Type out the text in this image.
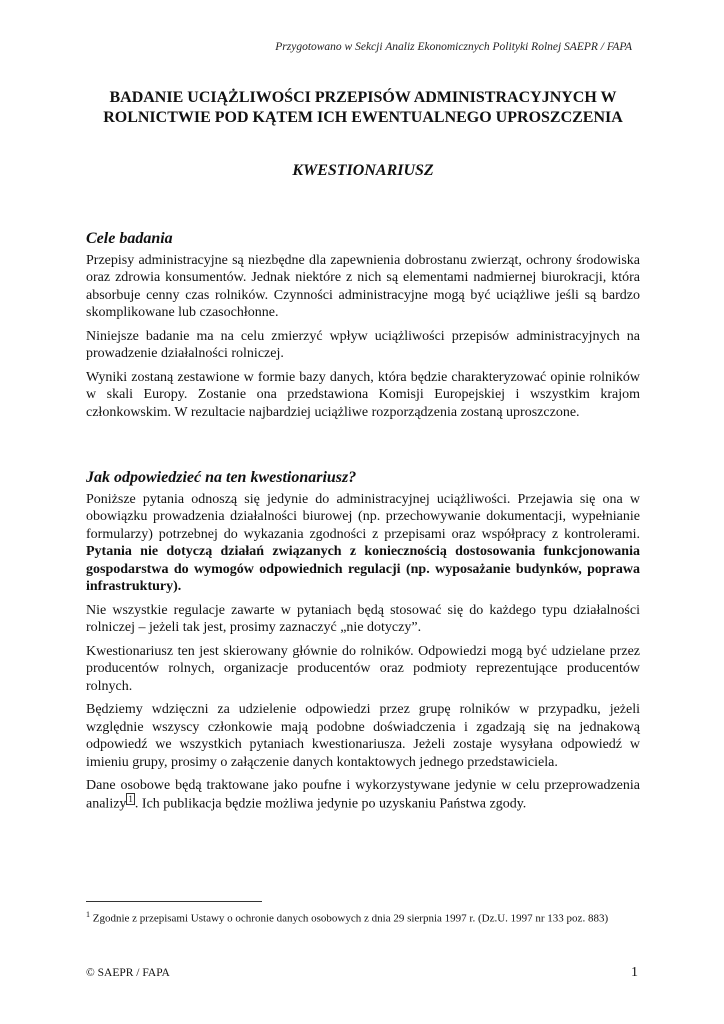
Przygotowano w Sekcji Analiz Ekonomicznych Polityki Rolnej SAEPR / FAPA
BADANIE UCIĄŻLIWOŚCI PRZEPISÓW ADMINISTRACYJNYCH W ROLNICTWIE POD KĄTEM ICH EWENTUALNEGO UPROSZCZENIA
KWESTIONARIUSZ
Cele badania

Przepisy administracyjne są niezbędne dla zapewnienia dobrostanu zwierząt, ochrony środowiska oraz zdrowia konsumentów. Jednak niektóre z nich są elementami nadmiernej biurokracji, która absorbuje cenny czas rolników. Czynności administracyjne mogą być uciążliwe jeśli są bardzo skomplikowane lub czasochłonne.

Niniejsze badanie ma na celu zmierzyć wpływ uciążliwości przepisów administracyjnych na prowadzenie działalności rolniczej.

Wyniki zostaną zestawione w formie bazy danych, która będzie charakteryzować opinie rolników w skali Europy. Zostanie ona przedstawiona Komisji Europejskiej i wszystkim krajom członkowskim. W rezultacie najbardziej uciążliwe rozporządzenia zostaną uproszczone.

Jak odpowiedzieć na ten kwestionariusz?

Poniższe pytania odnoszą się jedynie do administracyjnej uciążliwości. Przejawia się ona w obowiązku prowadzenia działalności biurowej (np. przechowywanie dokumentacji, wypełnianie formularzy) potrzebnej do wykazania zgodności z przepisami oraz współpracy z kontrolerami. Pytania nie dotyczą działań związanych z koniecznością dostosowania funkcjonowania gospodarstwa do wymogów odpowiednich regulacji (np. wyposażanie budynków, poprawa infrastruktury).

Nie wszystkie regulacje zawarte w pytaniach będą stosować się do każdego typu działalności rolniczej – jeżeli tak jest, prosimy zaznaczyć „nie dotyczy”.

Kwestionariusz ten jest skierowany głównie do rolników. Odpowiedzi mogą być udzielane przez producentów rolnych, organizacje producentów oraz podmioty reprezentujące producentów rolnych.

Będziemy wdzięczni za udzielenie odpowiedzi przez grupę rolników w przypadku, jeżeli względnie wszyscy członkowie mają podobne doświadczenia i zgadzają się na jednakową odpowiedź we wszystkich pytaniach kwestionariusza. Jeżeli zostaje wysyłana odpowiedź w imieniu grupy, prosimy o załączenie danych kontaktowych jednego przedstawiciela.

Dane osobowe będą traktowane jako poufne i wykorzystywane jedynie w celu przeprowadzenia analizy $^1$ . Ich publikacja będzie możliwa jedynie po uzyskaniu Państwa zgody.

$^1$ Zgodnie z przepisami Ustawy o ochronie danych osobowych z dnia 29 sierpnia 1997 r. (Dz.U. 1997 nr 133 poz. 883)
© SAEPR / FAPA	1
